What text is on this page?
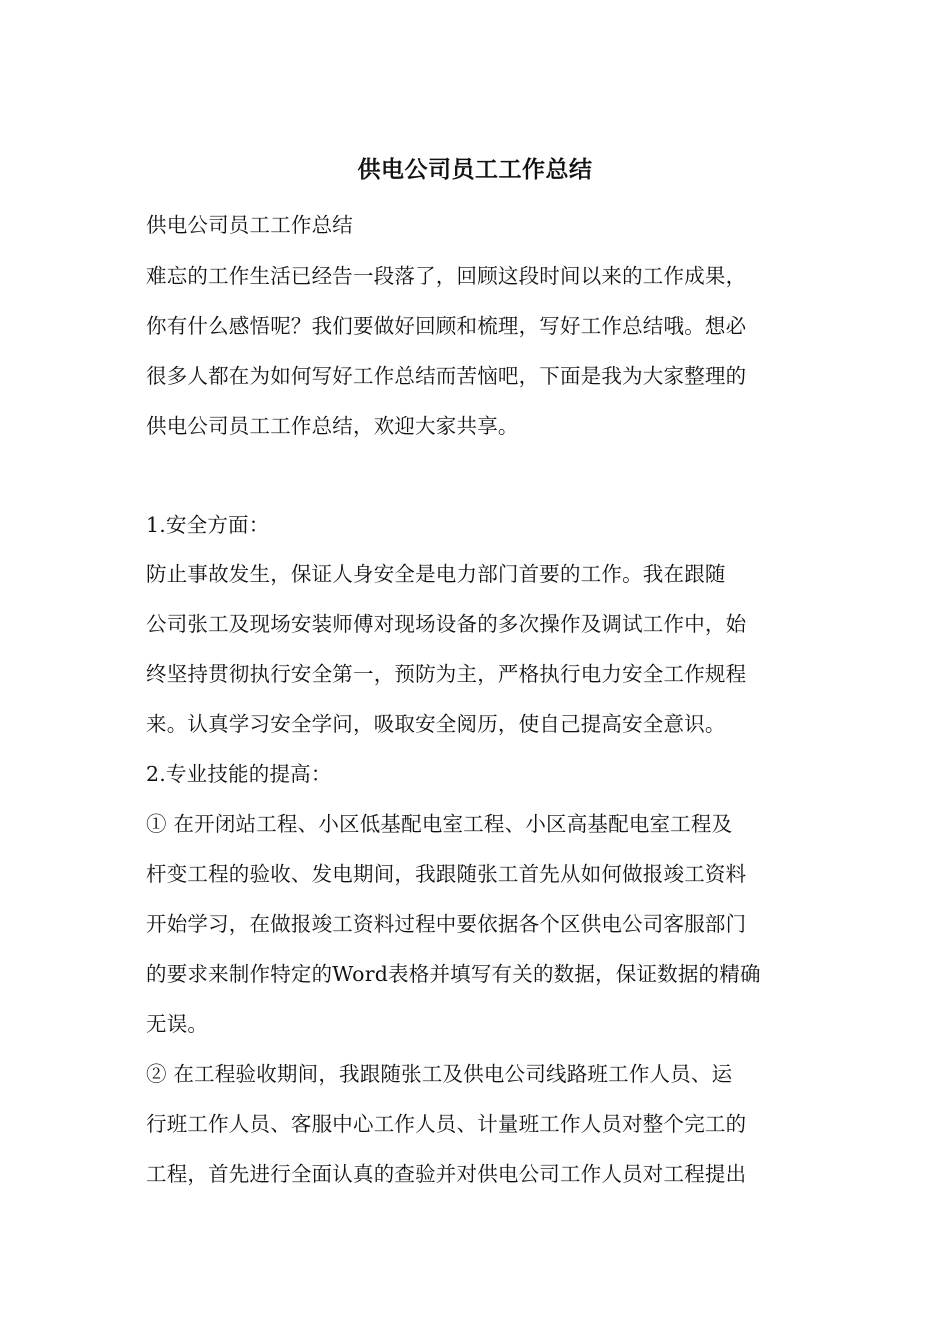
供电公司员工工作总结
供电公司员工工作总结
难忘的工作生活已经告一段落了，回顾这段时间以来的工作成果，
你有什么感悟呢？我们要做好回顾和梳理，写好工作总结哦。想必
很多人都在为如何写好工作总结而苦恼吧，下面是我为大家整理的
供电公司员工工作总结，欢迎大家共享。
1.安全方面：
防止事故发生，保证人身安全是电力部门首要的工作。我在跟随
公司张工及现场安装师傅对现场设备的多次操作及调试工作中，始
终坚持贯彻执行安全第一，预防为主，严格执行电力安全工作规程
来。认真学习安全学问，吸取安全阅历，使自己提高安全意识。
2.专业技能的提高：
① 在开闭站工程、小区低基配电室工程、小区高基配电室工程及
杆变工程的验收、发电期间，我跟随张工首先从如何做报竣工资料
开始学习，在做报竣工资料过程中要依据各个区供电公司客服部门
的要求来制作特定的Word表格并填写有关的数据，保证数据的精确
无误。
② 在工程验收期间，我跟随张工及供电公司线路班工作人员、运
行班工作人员、客服中心工作人员、计量班工作人员对整个完工的
工程，首先进行全面认真的查验并对供电公司工作人员对工程提出
